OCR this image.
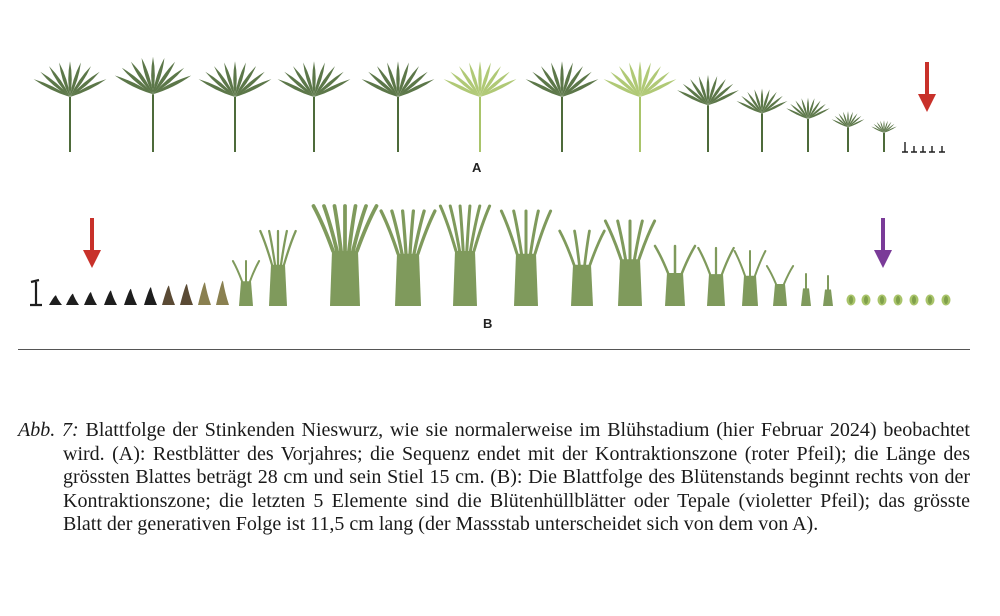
A
B

Abb. 7: Blattfolge der Stinkenden Nieswurz, wie sie normalerweise im Blühstadium (hier Februar 2024) beobachtet wird. (A): Restblätter des Vorjahres; die Sequenz endet mit der Kontraktionszone (roter Pfeil); die Länge des grössten Blattes beträgt 28 cm und sein Stiel 15 cm. (B): Die Blattfolge des Blütenstands beginnt rechts von der Kontraktionszone; die letzten 5 Elemente sind die Blütenhüllblätter oder Tepale (violetter Pfeil); das grösste Blatt der generativen Folge ist 11,5 cm lang (der Massstab unterscheidet sich von dem von A).
